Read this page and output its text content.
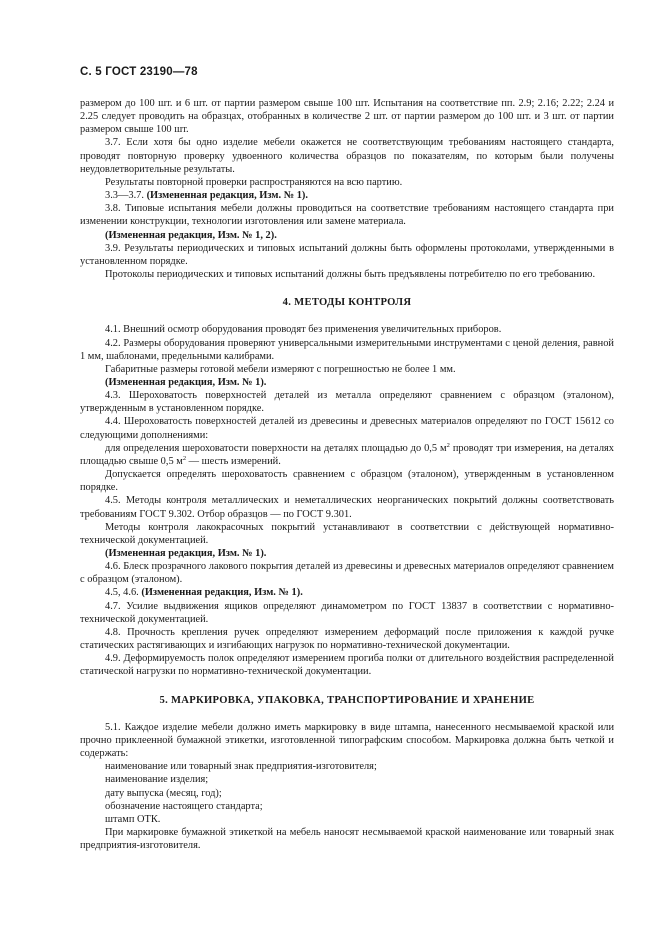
С. 5 ГОСТ 23190—78

размером до 100 шт. и 6 шт. от партии размером свыше 100 шт. Испытания на соответствие пп. 2.9; 2.16; 2.22; 2.24 и 2.25 следует проводить на образцах, отобранных в количестве 2 шт. от партии размером до 100 шт. и 3 шт. от партии размером свыше 100 шт.

3.7. Если хотя бы одно изделие мебели окажется не соответствующим требованиям настоящего стандарта, проводят повторную проверку удвоенного количества образцов по показателям, по которым были получены неудовлетворительные результаты.

Результаты повторной проверки распространяются на всю партию.

3.3—3.7. (Измененная редакция, Изм. № 1).

3.8. Типовые испытания мебели должны проводиться на соответствие требованиям настоящего стандарта при изменении конструкции, технологии изготовления или замене материала.

(Измененная редакция, Изм. № 1, 2).

3.9. Результаты периодических и типовых испытаний должны быть оформлены протоколами, утвержденными в установленном порядке.

Протоколы периодических и типовых испытаний должны быть предъявлены потребителю по его требованию.

4. МЕТОДЫ КОНТРОЛЯ

4.1. Внешний осмотр оборудования проводят без применения увеличительных приборов.

4.2. Размеры оборудования проверяют универсальными измерительными инструментами с ценой деления, равной 1 мм, шаблонами, предельными калибрами.

Габаритные размеры готовой мебели измеряют с погрешностью не более 1 мм.

(Измененная редакция, Изм. № 1).

4.3. Шероховатость поверхностей деталей из металла определяют сравнением с образцом (эталоном), утвержденным в установленном порядке.

4.4. Шероховатость поверхностей деталей из древесины и древесных материалов определяют по ГОСТ 15612 со следующими дополнениями:

для определения шероховатости поверхности на деталях площадью до 0,5 $м^2$ проводят три измерения, на деталях площадью свыше 0,5 $м^2$ — шесть измерений.

Допускается определять шероховатость сравнением с образцом (эталоном), утвержденным в установленном порядке.

4.5. Методы контроля металлических и неметаллических неорганических покрытий должны соответствовать требованиям ГОСТ 9.302. Отбор образцов — по ГОСТ 9.301.

Методы контроля лакокрасочных покрытий устанавливают в соответствии с действующей нормативно-технической документацией.

(Измененная редакция, Изм. № 1).

4.6. Блеск прозрачного лакового покрытия деталей из древесины и древесных материалов определяют сравнением с образцом (эталоном).

4.5, 4.6. (Измененная редакция, Изм. № 1).

4.7. Усилие выдвижения ящиков определяют динамометром по ГОСТ 13837 в соответствии с нормативно-технической документацией.

4.8. Прочность крепления ручек определяют измерением деформаций после приложения к каждой ручке статических растягивающих и изгибающих нагрузок по нормативно-технической документации.

4.9. Деформируемость полок определяют измерением прогиба полки от длительного воздействия распределенной статической нагрузки по нормативно-технической документации.

5. МАРКИРОВКА, УПАКОВКА, ТРАНСПОРТИРОВАНИЕ И ХРАНЕНИЕ

5.1. Каждое изделие мебели должно иметь маркировку в виде штампа, нанесенного несмываемой краской или прочно приклеенной бумажной этикетки, изготовленной типографским способом. Маркировка должна быть четкой и содержать:

наименование или товарный знак предприятия-изготовителя;

наименование изделия;

дату выпуска (месяц, год);

обозначение настоящего стандарта;

штамп ОТК.

При маркировке бумажной этикеткой на мебель наносят несмываемой краской наименование или товарный знак предприятия-изготовителя.
